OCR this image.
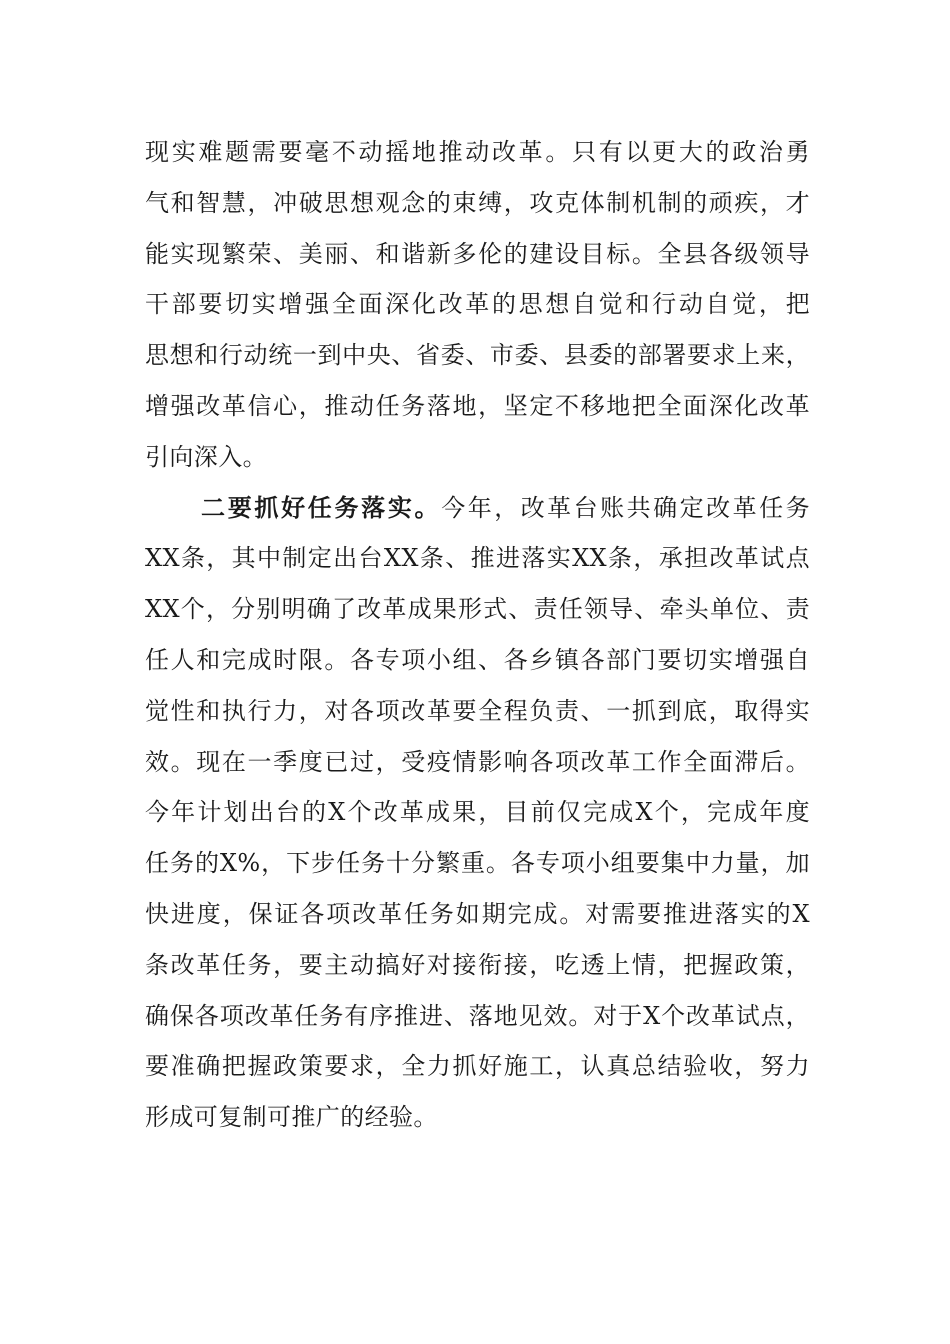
现实难题需要毫不动摇地推动改革。只有以更大的政治勇
气和智慧，冲破思想观念的束缚，攻克体制机制的顽疾，才
能实现繁荣、美丽、和谐新多伦的建设目标。全县各级领导
干部要切实增强全面深化改革的思想自觉和行动自觉，把
思想和行动统一到中央、省委、市委、县委的部署要求上来，
增强改革信心，推动任务落地，坚定不移地把全面深化改革
引向深入。
二要抓好任务落实。今年，改革台账共确定改革任务
XX条，其中制定出台XX条、推进落实XX条，承担改革试点
XX个，分别明确了改革成果形式、责任领导、牵头单位、责
任人和完成时限。各专项小组、各乡镇各部门要切实增强自
觉性和执行力，对各项改革要全程负责、一抓到底，取得实
效。现在一季度已过，受疫情影响各项改革工作全面滞后。
今年计划出台的X个改革成果，目前仅完成X个，完成年度
任务的X%，下步任务十分繁重。各专项小组要集中力量，加
快进度，保证各项改革任务如期完成。对需要推进落实的X
条改革任务，要主动搞好对接衔接，吃透上情，把握政策，
确保各项改革任务有序推进、落地见效。对于X个改革试点，
要准确把握政策要求，全力抓好施工，认真总结验收，努力
形成可复制可推广的经验。
